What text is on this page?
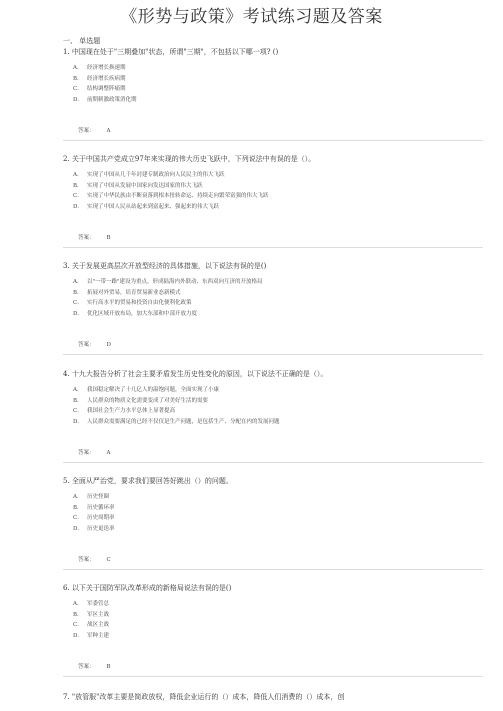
《形势与政策》考试练习题及答案
一、 单选题
1. 中国现在处于"三期叠加"状态，所谓"三期"，不包括以下哪一项? ()
A． 经济增长换速期
B． 经济增长疾病期
C． 结构调整阵痛期
D． 前期刺激政策消化期
答案： A
2. 关于中国共产党成立97年来实现的伟大历史飞跃中，下列说法中有误的是（）。
A． 实现了中国从几千年封建专制政治向人民民主的伟大飞跃
B． 实现了中国从发展中国家向发达国家的伟大飞跃
C． 实现了中华民族由不断衰落到根本扭转命运、持续走向繁荣富强的伟大飞跃
D． 实现了中国人民从站起来到富起来、强起来的伟大飞跃
答案： B
3. 关于发展更高层次开放型经济的具体措施，以下说法有误的是()
A． 以"一带一路"建设为重点，形成陆海内外联动、东西双向互济的开放格局
B． 拓展对外贸易，培育贸易新业态新模式
C． 实行高水平的贸易和投资自由化便利化政策
D． 优化区域开放布局，加大东部和中部开放力度
答案： D
4. 十九大报告分析了社会主要矛盾发生历史性变化的原因，以下说法不正确的是（）。
A． 我国稳定解决了十几亿人的温饱问题，全面实现了小康
B． 人民群众的物质文化需要变成了对美好生活的需要
C． 我国社会生产力水平总体上显著提高
D． 人民群众需要满足的已经不仅仅是生产问题，是包括生产、分配在内的发展问题
答案： A
5. 全面从严治党，要求我们要回答好跳出（）的问题。
A． 历史怪圈
B． 历史循环率
C． 历史周期率
D． 历史更迭率
答案： C
6. 以下关于国防军队改革形成的新格局说法有误的是()
A． 军委管总
B． 军区主战
C． 战区主战
D． 军种主建
答案： B
7. "放管服"改革主要是简政放权，降低企业运行的（）成本，降低人们消费的（）成本，创
